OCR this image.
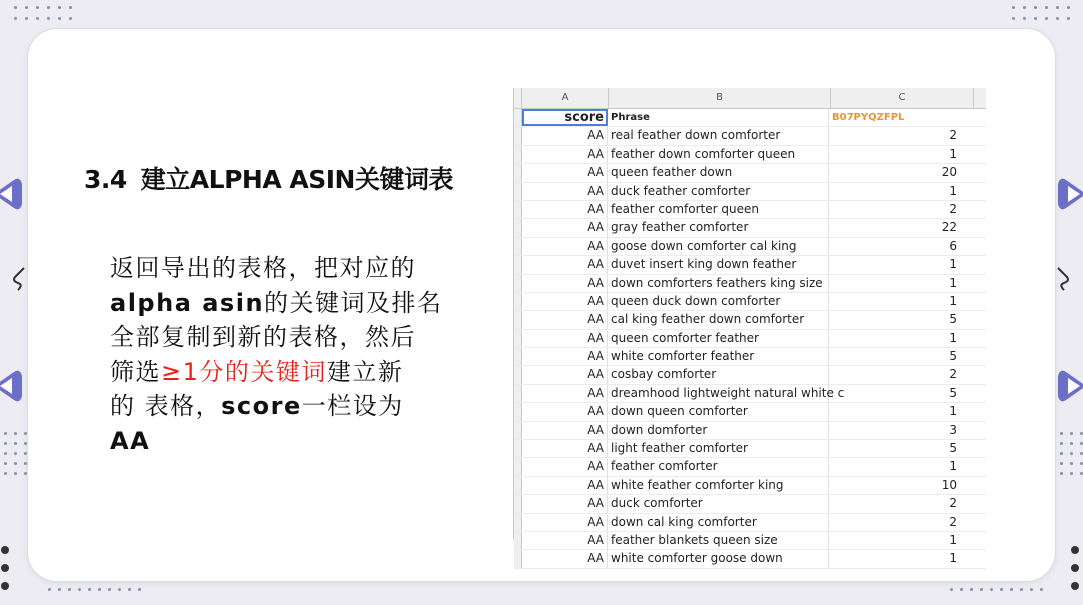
3.4 建立ALPHA ASIN关键词表
返回导出的表格，把对应的
alpha asin的关键词及排名
全部复制到新的表格，然后
筛选≥1分的关键词建立新
的 表格，score一栏设为
AA
A	B	C
score Phrase	B07PYQZFPL
AA real feather down comforter	2
AA feather down comforter queen	1
AA queen feather down	20
AA duck feather comforter	1
AA feather comforter queen	2
AA gray feather comforter	22
AA goose down comforter cal king	6
AA duvet insert king down feather	1
AA down comforters feathers king size	1
AA queen duck down comforter	1
AA cal king feather down comforter	5
AA queen comforter feather	1
AA white comforter feather	5
AA cosbay comforter	2
AA dreamhood lightweight natural white c	5
AA down queen comforter	1
AA down domforter	3
AA light feather comforter	5
AA feather comforter	1
AA white feather comforter king	10
AA duck comforter	2
AA down cal king comforter	2
AA feather blankets queen size	1
AA white comforter goose down	1
